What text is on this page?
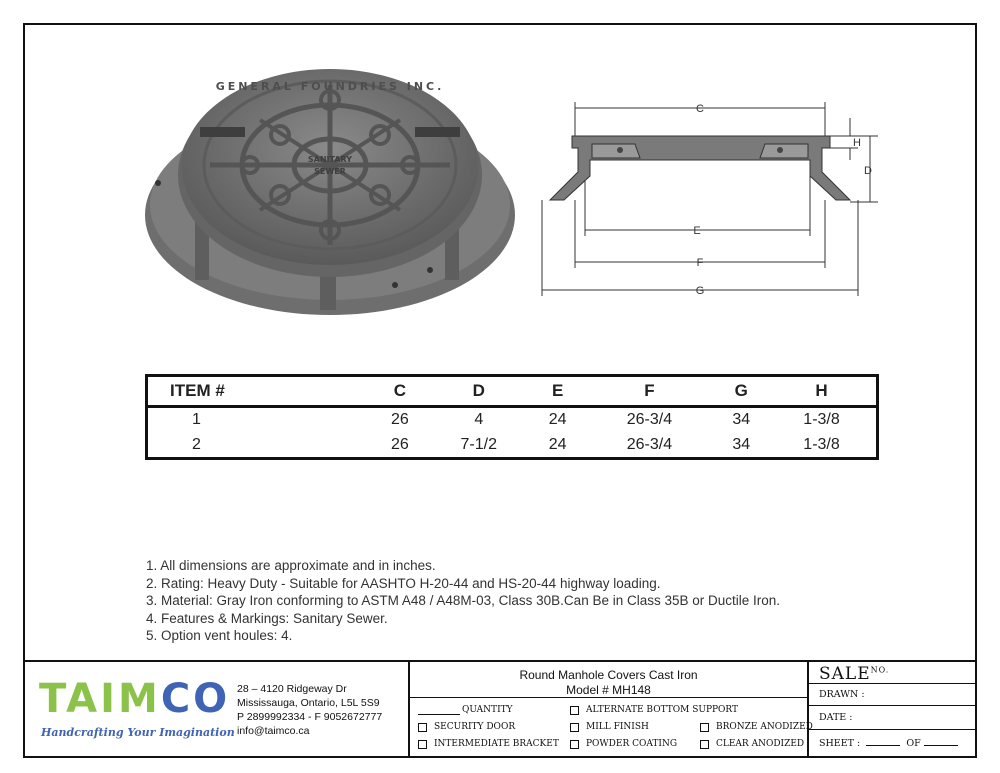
GENERAL FOUNDRIES INC.
SANITARY
SEWER
C
H
D
E
F
G
ITEM #	C	D	E	F	G	H
1	26	4	24	26-3/4	34	1-3/8
2	26	7-1/2	24	26-3/4	34	1-3/8
1. All dimensions are approximate and in inches.
2. Rating: Heavy Duty - Suitable for AASHTO H-20-44 and HS-20-44 highway loading.
3. Material: Gray Iron conforming to ASTM A48 / A48M-03, Class 30B.Can Be in Class 35B or Ductile Iron.
4. Features & Markings: Sanitary Sewer.
5. Option vent houles: 4.
TAIMCO
Handcrafting Your Imagination
28 – 4120 Ridgeway Dr
Mississauga, Ontario, L5L 5S9
P 2899992334 - F 9052672777
info@taimco.ca
Round Manhole Covers Cast Iron
Model # MH148
QUANTITY	ALTERNATE BOTTOM SUPPORT
SECURITY DOOR	MILL FINISH	BRONZE ANODIZED
INTERMEDIATE BRACKET	POWDER COATING	CLEAR ANODIZED
$SALE^{NO.}$
DRAWN :
DATE :
SHEET :	OF
